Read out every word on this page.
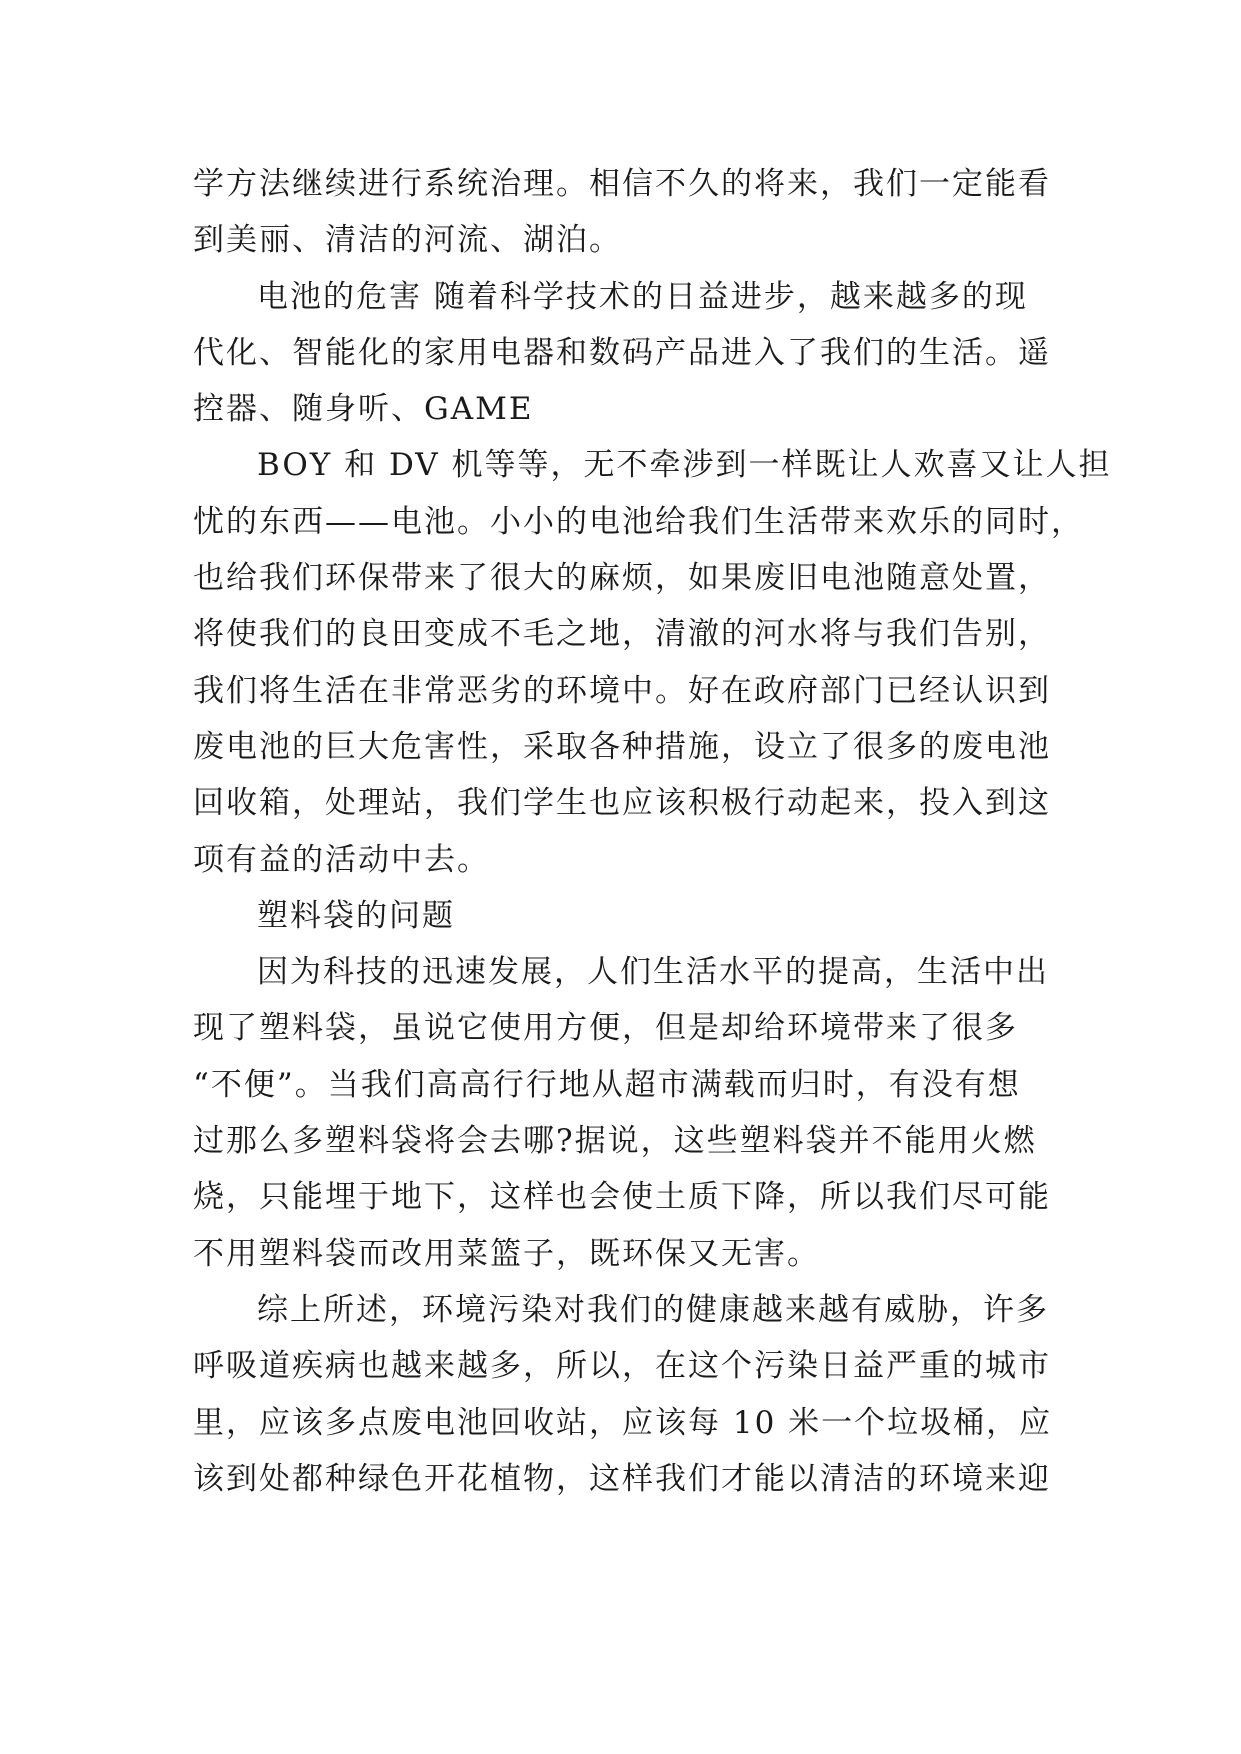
学方法继续进行系统治理。相信不久的将来，我们一定能看
到美丽、清洁的河流、湖泊。
电池的危害 随着科学技术的日益进步，越来越多的现
代化、智能化的家用电器和数码产品进入了我们的生活。遥
控器、随身听、GAME
BOY 和 DV 机等等，无不牵涉到一样既让人欢喜又让人担
忧的东西——电池。小小的电池给我们生活带来欢乐的同时，
也给我们环保带来了很大的麻烦，如果废旧电池随意处置，
将使我们的良田变成不毛之地，清澈的河水将与我们告别，
我们将生活在非常恶劣的环境中。好在政府部门已经认识到
废电池的巨大危害性，采取各种措施，设立了很多的废电池
回收箱，处理站，我们学生也应该积极行动起来，投入到这
项有益的活动中去。
塑料袋的问题
因为科技的迅速发展，人们生活水平的提高，生活中出
现了塑料袋，虽说它使用方便，但是却给环境带来了很多
“不便”。当我们高高行行地从超市满载而归时，有没有想
过那么多塑料袋将会去哪?据说，这些塑料袋并不能用火燃
烧，只能埋于地下，这样也会使土质下降，所以我们尽可能
不用塑料袋而改用菜篮子，既环保又无害。
综上所述，环境污染对我们的健康越来越有威胁，许多
呼吸道疾病也越来越多，所以，在这个污染日益严重的城市
里，应该多点废电池回收站，应该每 10 米一个垃圾桶，应
该到处都种绿色开花植物，这样我们才能以清洁的环境来迎
